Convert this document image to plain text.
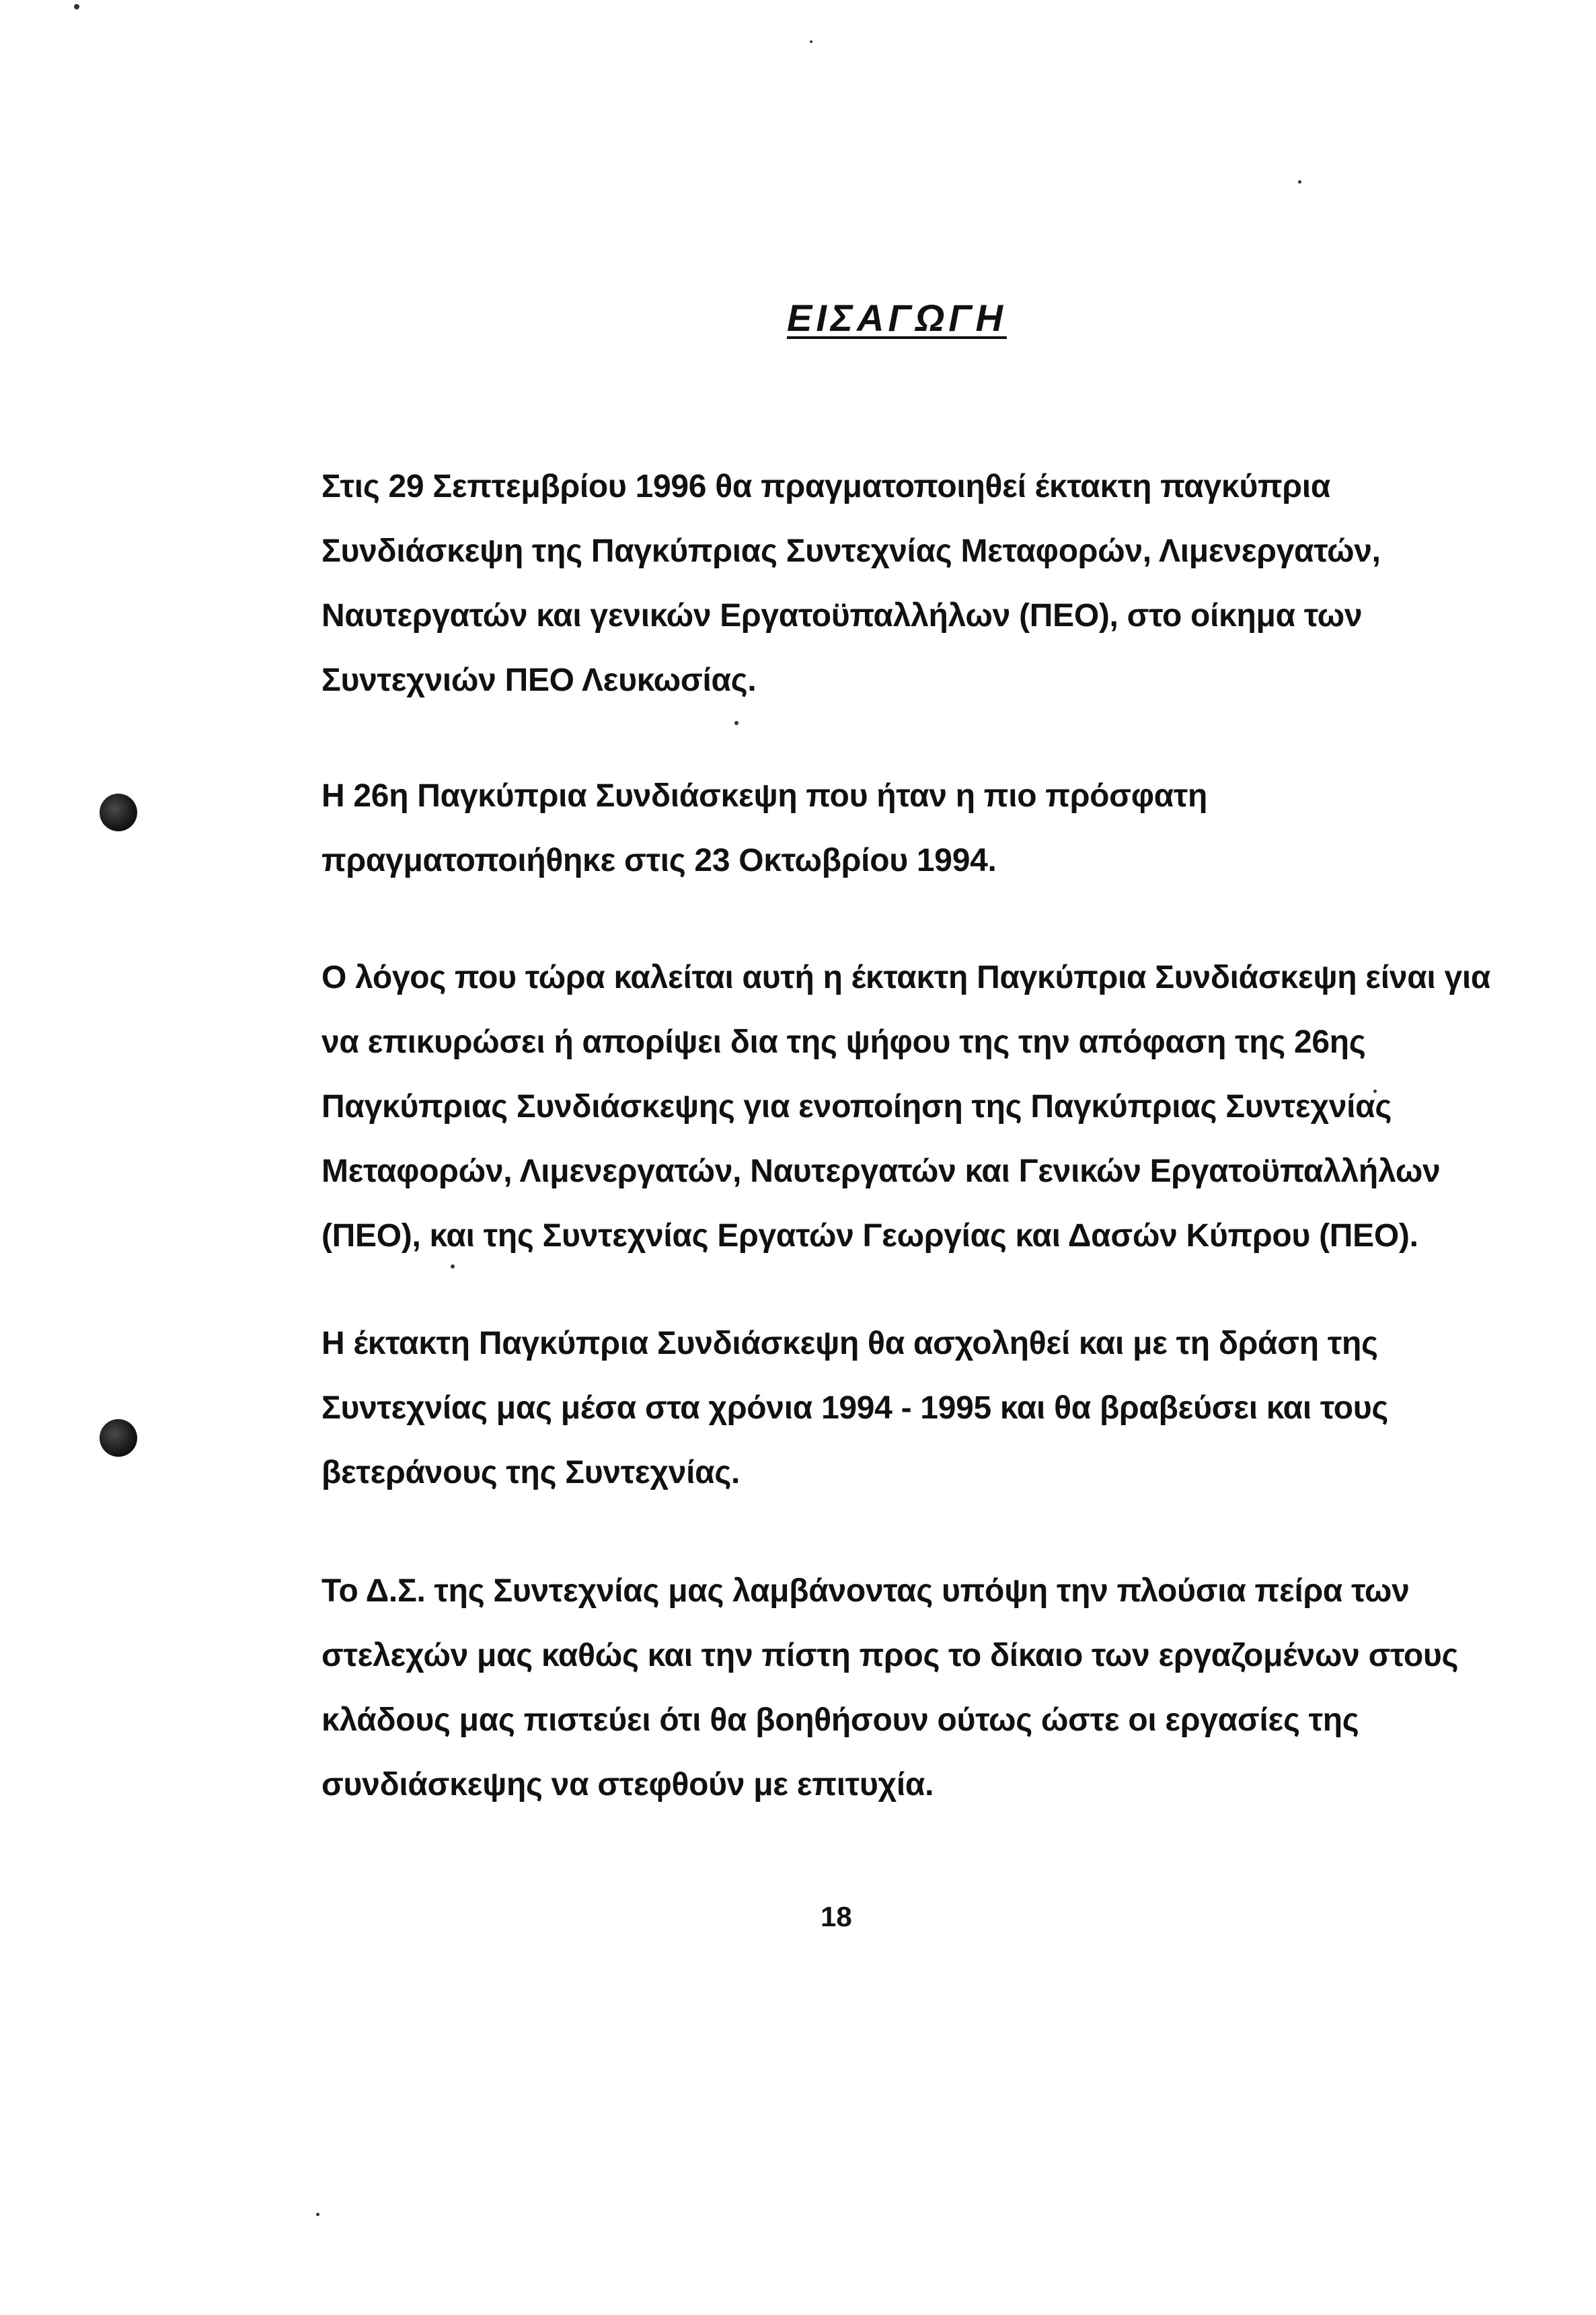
ΕΙΣΑΓΩΓΗ

Στις 29 Σεπτεμβρίου 1996 θα πραγματοποιηθεί έκτακτη παγκύπρια
Συνδιάσκεψη της Παγκύπριας Συντεχνίας Μεταφορών, Λιμενεργατών,
Ναυτεργατών και γενικών Εργατοϋπαλλήλων (ΠΕΟ), στο οίκημα των
Συντεχνιών ΠΕΟ Λευκωσίας.

Η 26η Παγκύπρια Συνδιάσκεψη που ήταν η πιο πρόσφατη
πραγματοποιήθηκε στις 23 Οκτωβρίου 1994.

Ο λόγος που τώρα καλείται αυτή η έκτακτη Παγκύπρια Συνδιάσκεψη είναι για
να επικυρώσει ή απορίψει δια της ψήφου της την απόφαση της 26ης
Παγκύπριας Συνδιάσκεψης για ενοποίηση της Παγκύπριας Συντεχνίας
Μεταφορών, Λιμενεργατών, Ναυτεργατών και Γενικών Εργατοϋπαλλήλων
(ΠΕΟ), και της Συντεχνίας Εργατών Γεωργίας και Δασών Κύπρου (ΠΕΟ).

Η έκτακτη Παγκύπρια Συνδιάσκεψη θα ασχοληθεί και με τη δράση της
Συντεχνίας μας μέσα στα χρόνια 1994 - 1995 και θα βραβεύσει και τους
βετεράνους της Συντεχνίας.

Το Δ.Σ. της Συντεχνίας μας λαμβάνοντας υπόψη την πλούσια πείρα των
στελεχών μας καθώς και την πίστη προς το δίκαιο των εργαζομένων στους
κλάδους μας πιστεύει ότι θα βοηθήσουν ούτως ώστε οι εργασίες της
συνδιάσκεψης να στεφθούν με επιτυχία.

18
